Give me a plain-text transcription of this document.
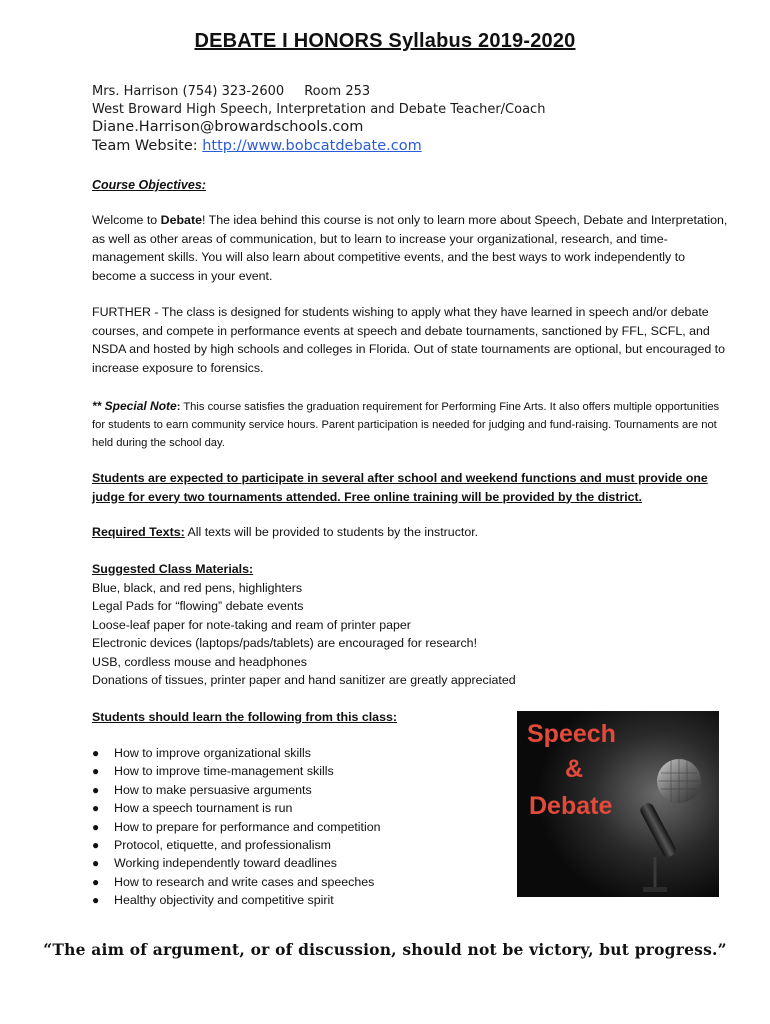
DEBATE I HONORS Syllabus 2019-2020
Mrs. Harrison (754) 323-2600 Room 253
West Broward High Speech, Interpretation and Debate Teacher/Coach
Diane.Harrison@browardschools.com
Team Website: http://www.bobcatdebate.com
Course Objectives:
Welcome to Debate! The idea behind this course is not only to learn more about Speech, Debate and Interpretation, as well as other areas of communication, but to learn to increase your organizational, research, and time-management skills. You will also learn about competitive events, and the best ways to work independently to become a success in your event.
FURTHER - The class is designed for students wishing to apply what they have learned in speech and/or debate courses, and compete in performance events at speech and debate tournaments, sanctioned by FFL, SCFL, and NSDA and hosted by high schools and colleges in Florida. Out of state tournaments are optional, but encouraged to increase exposure to forensics.
** Special Note: This course satisfies the graduation requirement for Performing Fine Arts. It also offers multiple opportunities for students to earn community service hours. Parent participation is needed for judging and fund-raising. Tournaments are not held during the school day.
Students are expected to participate in several after school and weekend functions and must provide one judge for every two tournaments attended. Free online training will be provided by the district.
Required Texts: All texts will be provided to students by the instructor.
Suggested Class Materials:
Blue, black, and red pens, highlighters
Legal Pads for “flowing” debate events
Loose-leaf paper for note-taking and ream of printer paper
Electronic devices (laptops/pads/tablets) are encouraged for research!
USB, cordless mouse and headphones
Donations of tissues, printer paper and hand sanitizer are greatly appreciated
Students should learn the following from this class:
● How to improve organizational skills
● How to improve time-management skills
● How to make persuasive arguments
● How a speech tournament is run
● How to prepare for performance and competition
● Protocol, etiquette, and professionalism
● Working independently toward deadlines
● How to research and write cases and speeches
● Healthy objectivity and competitive spirit
Speech
&
Debate
“The aim of argument, or of discussion, should not be victory, but progress.”
